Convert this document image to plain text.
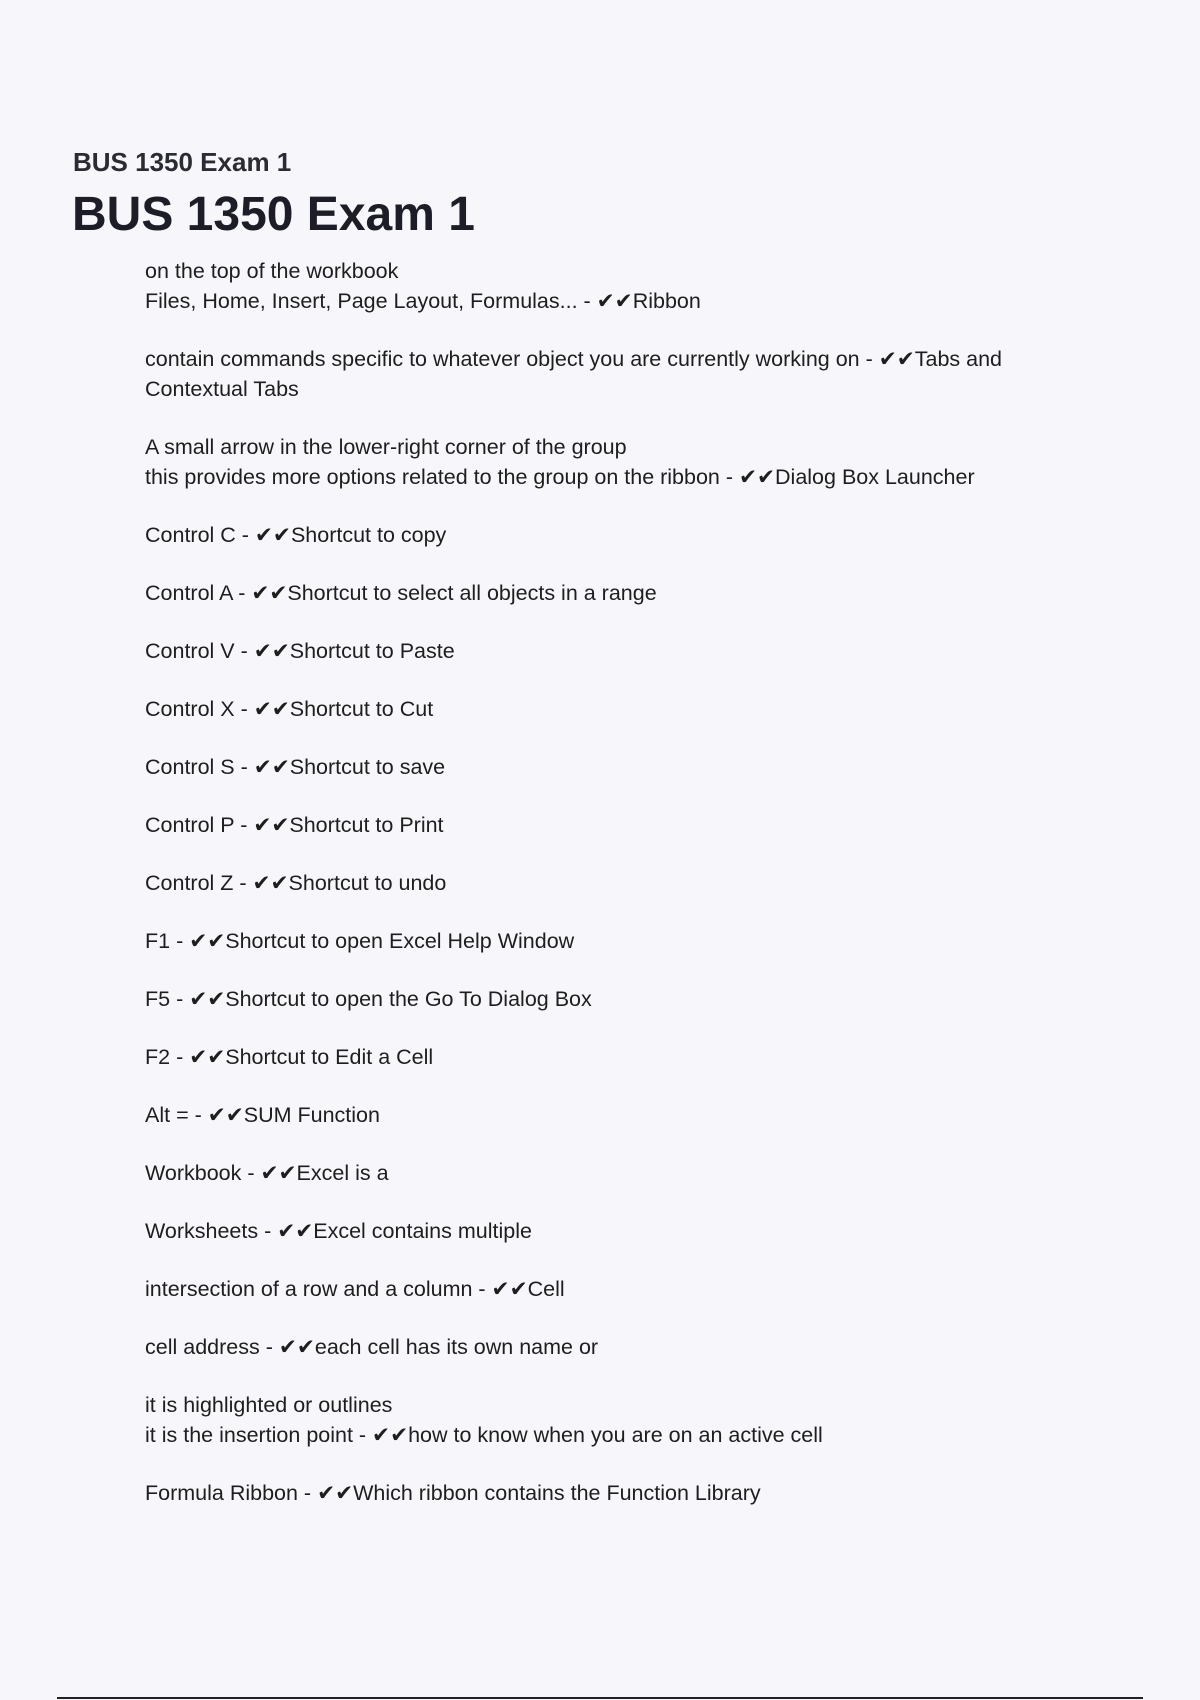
BUS 1350 Exam 1
BUS 1350 Exam 1

on the top of the workbook
Files, Home, Insert, Page Layout, Formulas... - ✔✔Ribbon

contain commands specific to whatever object you are currently working on - ✔✔Tabs and
Contextual Tabs

A small arrow in the lower-right corner of the group
this provides more options related to the group on the ribbon - ✔✔Dialog Box Launcher

Control C - ✔✔Shortcut to copy

Control A - ✔✔Shortcut to select all objects in a range

Control V - ✔✔Shortcut to Paste

Control X - ✔✔Shortcut to Cut

Control S - ✔✔Shortcut to save

Control P - ✔✔Shortcut to Print

Control Z - ✔✔Shortcut to undo

F1 - ✔✔Shortcut to open Excel Help Window

F5 - ✔✔Shortcut to open the Go To Dialog Box

F2 - ✔✔Shortcut to Edit a Cell

Alt = - ✔✔SUM Function

Workbook - ✔✔Excel is a

Worksheets - ✔✔Excel contains multiple

intersection of a row and a column - ✔✔Cell

cell address - ✔✔each cell has its own name or

it is highlighted or outlines
it is the insertion point - ✔✔how to know when you are on an active cell

Formula Ribbon - ✔✔Which ribbon contains the Function Library
